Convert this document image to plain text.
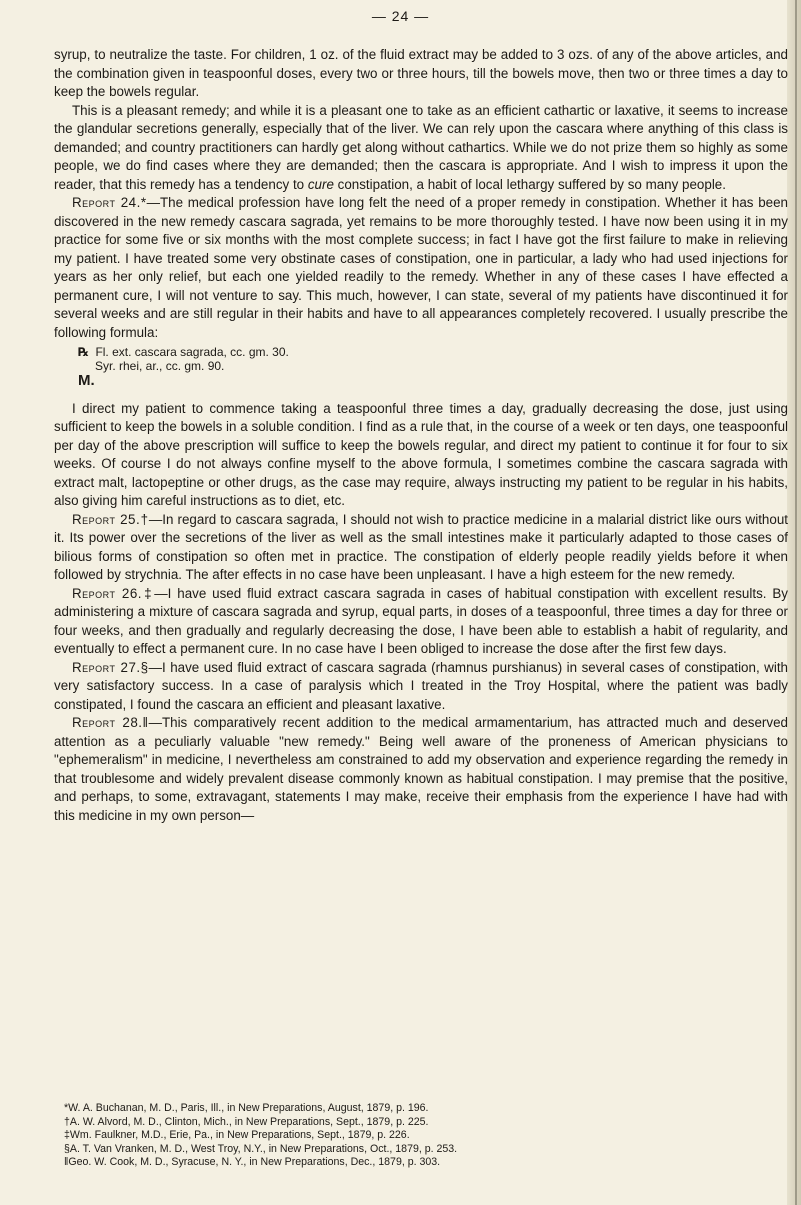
— 24 —

syrup, to neutralize the taste. For children, 1 oz. of the fluid extract may be added to 3 ozs. of any of the above articles, and the combination given in teaspoonful doses, every two or three hours, till the bowels move, then two or three times a day to keep the bowels regular.

This is a pleasant remedy; and while it is a pleasant one to take as an efficient cathartic or laxative, it seems to increase the glandular secretions generally, especially that of the liver. We can rely upon the cascara where anything of this class is demanded; and country practitioners can hardly get along without cathartics. While we do not prize them so highly as some people, we do find cases where they are demanded; then the cascara is appropriate. And I wish to impress it upon the reader, that this remedy has a tendency to cure constipation, a habit of local lethargy suffered by so many people.

Report 24.*—The medical profession have long felt the need of a proper remedy in constipation. Whether it has been discovered in the new remedy cascara sagrada, yet remains to be more thoroughly tested. I have now been using it in my practice for some five or six months with the most complete success; in fact I have got the first failure to make in relieving my patient. I have treated some very obstinate cases of constipation, one in particular, a lady who had used injections for years as her only relief, but each one yielded readily to the remedy. Whether in any of these cases I have effected a permanent cure, I will not venture to say. This much, however, I can state, several of my patients have discontinued it for several weeks and are still regular in their habits and have to all appearances completely recovered. I usually prescribe the following formula:

℞ Fl. ext. cascara sagrada, cc. gm. 30.
Syr. rhei, ar., cc. gm. 90.
M.

I direct my patient to commence taking a teaspoonful three times a day, gradually decreasing the dose, just using sufficient to keep the bowels in a soluble condition. I find as a rule that, in the course of a week or ten days, one teaspoonful per day of the above prescription will suffice to keep the bowels regular, and direct my patient to continue it for four to six weeks. Of course I do not always confine myself to the above formula, I sometimes combine the cascara sagrada with extract malt, lactopeptine or other drugs, as the case may require, always instructing my patient to be regular in his habits, also giving him careful instructions as to diet, etc.

Report 25.†—In regard to cascara sagrada, I should not wish to practice medicine in a malarial district like ours without it. Its power over the secretions of the liver as well as the small intestines make it particularly adapted to those cases of bilious forms of constipation so often met in practice. The constipation of elderly people readily yields before it when followed by strychnia. The after effects in no case have been unpleasant. I have a high esteem for the new remedy.

Report 26.‡—I have used fluid extract cascara sagrada in cases of habitual constipation with excellent results. By administering a mixture of cascara sagrada and syrup, equal parts, in doses of a teaspoonful, three times a day for three or four weeks, and then gradually and regularly decreasing the dose, I have been able to establish a habit of regularity, and eventually to effect a permanent cure. In no case have I been obliged to increase the dose after the first few days.

Report 27.§—I have used fluid extract of cascara sagrada (rhamnus purshianus) in several cases of constipation, with very satisfactory success. In a case of paralysis which I treated in the Troy Hospital, where the patient was badly constipated, I found the cascara an efficient and pleasant laxative.

Report 28.‖—This comparatively recent addition to the medical armamentarium, has attracted much and deserved attention as a peculiarly valuable "new remedy." Being well aware of the proneness of American physicians to "ephemeralism" in medicine, I nevertheless am constrained to add my observation and experience regarding the remedy in that troublesome and widely prevalent disease commonly known as habitual constipation. I may premise that the positive, and perhaps, to some, extravagant, statements I may make, receive their emphasis from the experience I have had with this medicine in my own person—

*W. A. Buchanan, M. D., Paris, Ill., in New Preparations, August, 1879, p. 196.
†A. W. Alvord, M. D., Clinton, Mich., in New Preparations, Sept., 1879, p. 225.
‡Wm. Faulkner, M.D., Erie, Pa., in New Preparations, Sept., 1879, p. 226.
§A. T. Van Vranken, M. D., West Troy, N.Y., in New Preparations, Oct., 1879, p. 253.
‖Geo. W. Cook, M. D., Syracuse, N. Y., in New Preparations, Dec., 1879, p. 303.
